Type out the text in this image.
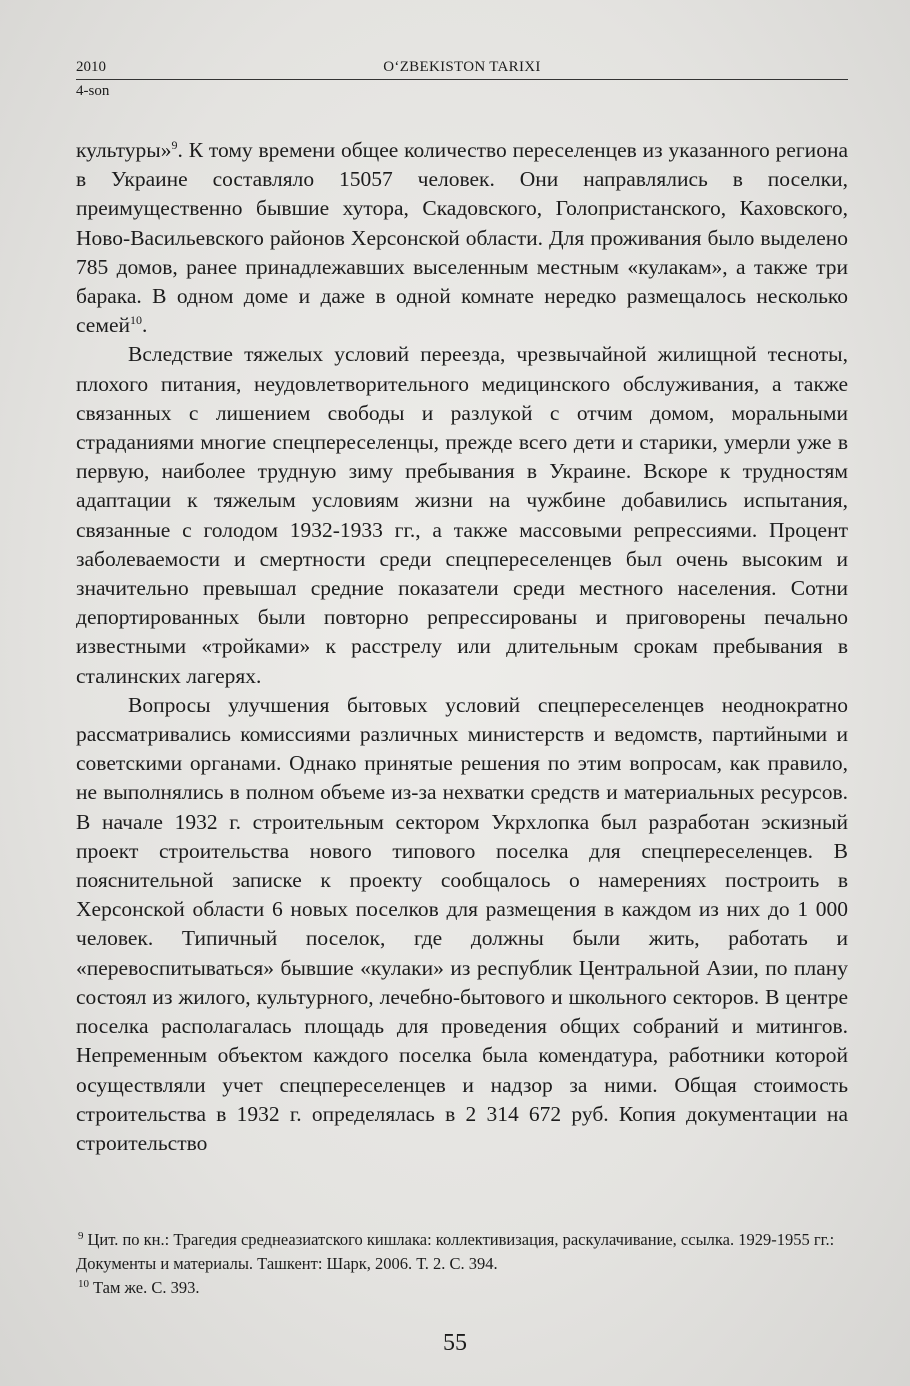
2010	O‘ZBEKISTON TARIXI
4-son

культуры»$^9$. К тому времени общее количество переселенцев из указанного региона в Украине составляло 15057 человек. Они направлялись в поселки, преимущественно бывшие хутора, Скадовского, Голопристанского, Каховского, Ново-Васильевского районов Херсонской области. Для проживания было выделено 785 домов, ранее принадлежавших выселенным местным «кулакам», а также три барака. В одном доме и даже в одной комнате нередко размещалось несколько семей$^{10}$.

Вследствие тяжелых условий переезда, чрезвычайной жилищной тесноты, плохого питания, неудовлетворительного медицинского обслуживания, а также связанных с лишением свободы и разлукой с отчим домом, моральными страданиями многие спецпереселенцы, прежде всего дети и старики, умерли уже в первую, наиболее трудную зиму пребывания в Украине. Вскоре к трудностям адаптации к тяжелым условиям жизни на чужбине добавились испытания, связанные с голодом 1932-1933 гг., а также массовыми репрессиями. Процент заболеваемости и смертности среди спецпереселенцев был очень высоким и значительно превышал средние показатели среди местного населения. Сотни депортированных были повторно репрессированы и приговорены печально известными «тройками» к расстрелу или длительным срокам пребывания в сталинских лагерях.

Вопросы улучшения бытовых условий спецпереселенцев неоднократно рассматривались комиссиями различных министерств и ведомств, партийными и советскими органами. Однако принятые решения по этим вопросам, как правило, не выполнялись в полном объеме из-за нехватки средств и материальных ресурсов. В начале 1932 г. строительным сектором Укрхлопка был разработан эскизный проект строительства нового типового поселка для спецпереселенцев. В пояснительной записке к проекту сообщалось о намерениях построить в Херсонской области 6 новых поселков для размещения в каждом из них до 1 000 человек. Типичный поселок, где должны были жить, работать и «перевоспитываться» бывшие «кулаки» из республик Центральной Азии, по плану состоял из жилого, культурного, лечебно-бытового и школьного секторов. В центре поселка располагалась площадь для проведения общих собраний и митингов. Непременным объектом каждого поселка была комендатура, работники которой осуществляли учет спецпереселенцев и надзор за ними. Общая стоимость строительства в 1932 г. определялась в 2 314 672 руб. Копия документации на строительство

$^9$ Цит. по кн.: Трагедия среднеазиатского кишлака: коллективизация, раскулачивание, ссылка. 1929-1955 гг.: Документы и материалы. Ташкент: Шарк, 2006. Т. 2. С. 394.

$^{10}$ Там же. С. 393.

55
